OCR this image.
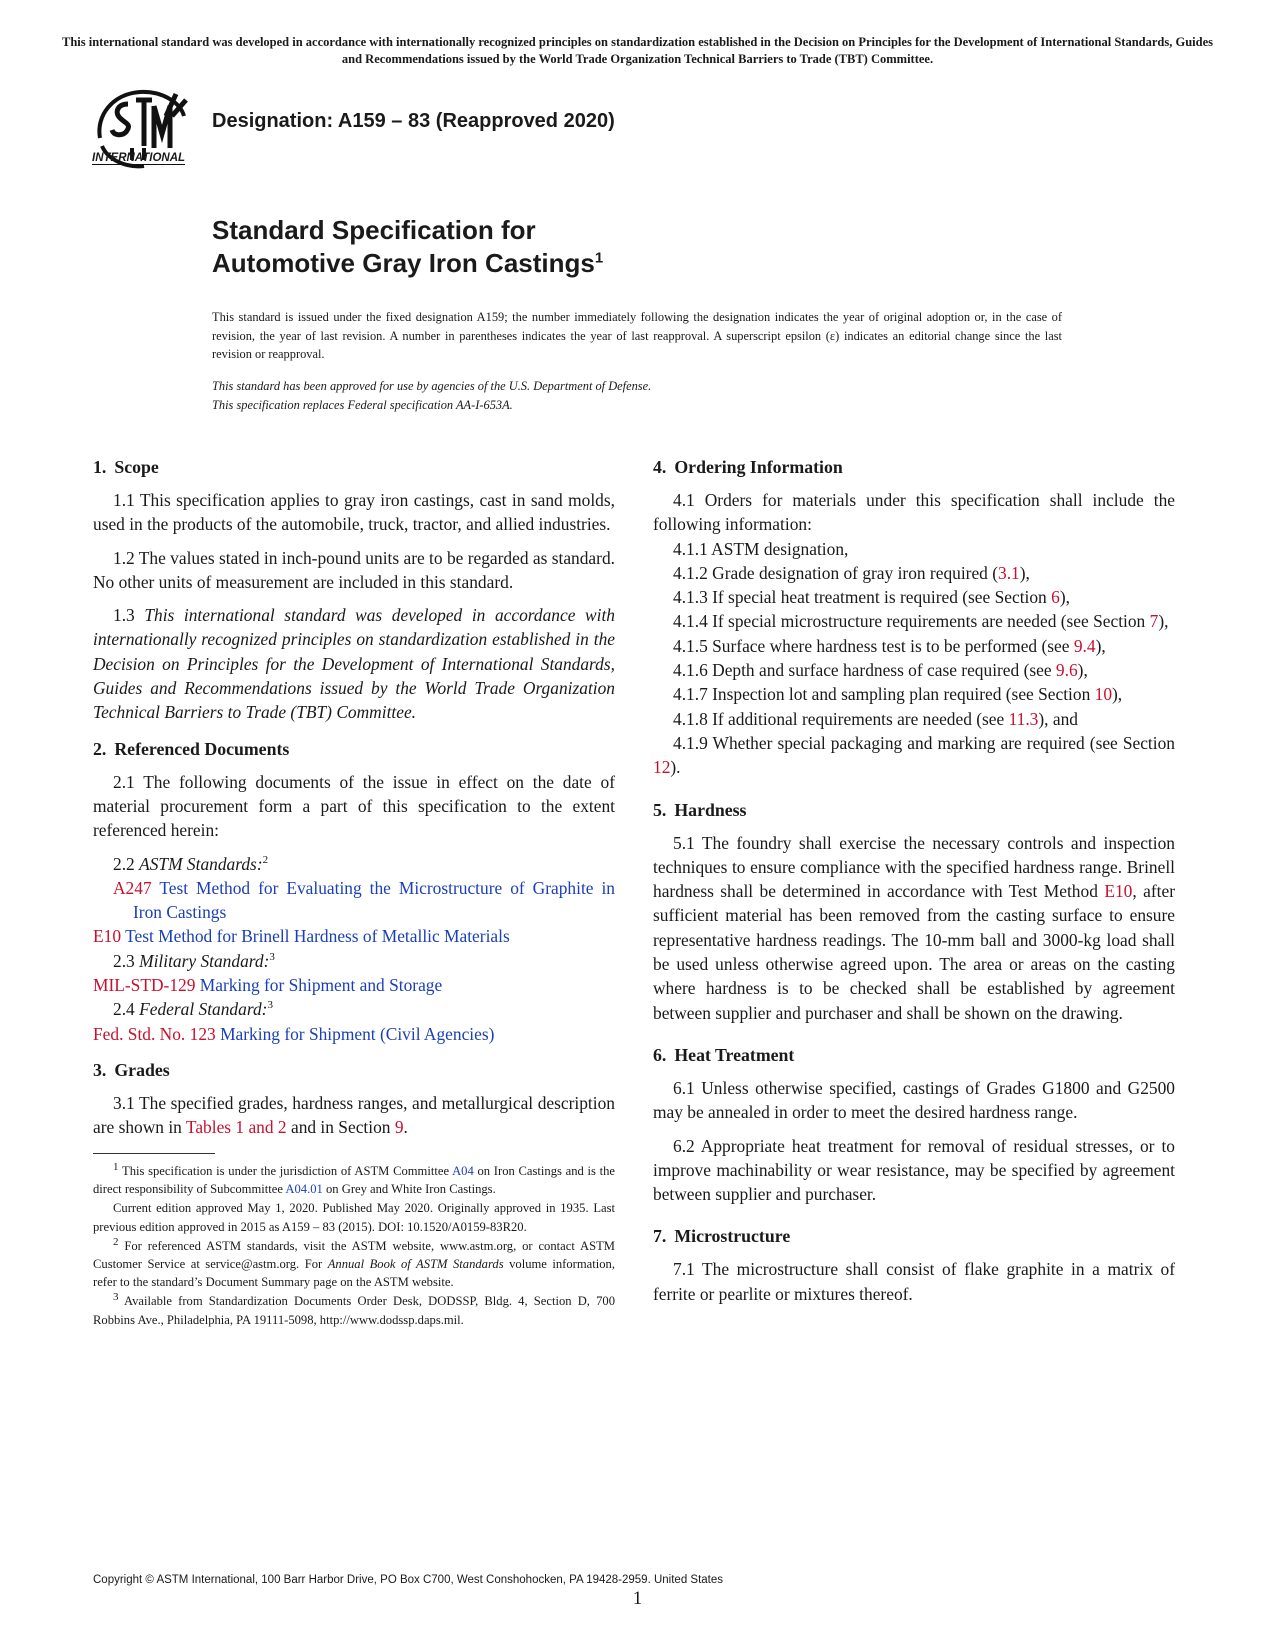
This international standard was developed in accordance with internationally recognized principles on standardization established in the Decision on Principles for the Development of International Standards, Guides and Recommendations issued by the World Trade Organization Technical Barriers to Trade (TBT) Committee.
INTERNATIONAL
Designation: A159 – 83 (Reapproved 2020)
Standard Specification for
Automotive Gray Iron Castings$^1$
This standard is issued under the fixed designation A159; the number immediately following the designation indicates the year of original adoption or, in the case of revision, the year of last revision. A number in parentheses indicates the year of last reapproval. A superscript epsilon (ε) indicates an editorial change since the last revision or reapproval.
This standard has been approved for use by agencies of the U.S. Department of Defense.
This specification replaces Federal specification AA-I-653A.
1. Scope

1.1 This specification applies to gray iron castings, cast in sand molds, used in the products of the automobile, truck, tractor, and allied industries.

1.2 The values stated in inch-pound units are to be regarded as standard. No other units of measurement are included in this standard.

1.3 This international standard was developed in accordance with internationally recognized principles on standardization established in the Decision on Principles for the Development of International Standards, Guides and Recommendations issued by the World Trade Organization Technical Barriers to Trade (TBT) Committee.

2. Referenced Documents

2.1 The following documents of the issue in effect on the date of material procurement form a part of this specification to the extent referenced herein:

2.2 ASTM Standards:$^2$

A247 Test Method for Evaluating the Microstructure of Graphite in Iron Castings
E10 Test Method for Brinell Hardness of Metallic Materials

2.3 Military Standard:$^3$

MIL-STD-129 Marking for Shipment and Storage

2.4 Federal Standard:$^3$

Fed. Std. No. 123 Marking for Shipment (Civil Agencies)
3. Grades

3.1 The specified grades, hardness ranges, and metallurgical description are shown in Tables 1 and 2 and in Section 9.

$^1$ This specification is under the jurisdiction of ASTM Committee A04 on Iron Castings and is the direct responsibility of Subcommittee A04.01 on Grey and White Iron Castings.

Current edition approved May 1, 2020. Published May 2020. Originally approved in 1935. Last previous edition approved in 2015 as A159 – 83 (2015). DOI: 10.1520/A0159-83R20.

$^2$ For referenced ASTM standards, visit the ASTM website, www.astm.org, or contact ASTM Customer Service at service@astm.org. For Annual Book of ASTM Standards volume information, refer to the standard’s Document Summary page on the ASTM website.

$^3$ Available from Standardization Documents Order Desk, DODSSP, Bldg. 4, Section D, 700 Robbins Ave., Philadelphia, PA 19111-5098, http://www.dodssp.daps.mil.

4. Ordering Information

4.1 Orders for materials under this specification shall include the following information:

4.1.1 ASTM designation,

4.1.2 Grade designation of gray iron required (3.1),

4.1.3 If special heat treatment is required (see Section 6),

4.1.4 If special microstructure requirements are needed (see Section 7),

4.1.5 Surface where hardness test is to be performed (see 9.4),

4.1.6 Depth and surface hardness of case required (see 9.6),

4.1.7 Inspection lot and sampling plan required (see Section 10),

4.1.8 If additional requirements are needed (see 11.3), and

4.1.9 Whether special packaging and marking are required (see Section 12).

5. Hardness

5.1 The foundry shall exercise the necessary controls and inspection techniques to ensure compliance with the specified hardness range. Brinell hardness shall be determined in accordance with Test Method E10, after sufficient material has been removed from the casting surface to ensure representative hardness readings. The 10-mm ball and 3000-kg load shall be used unless otherwise agreed upon. The area or areas on the casting where hardness is to be checked shall be established by agreement between supplier and purchaser and shall be shown on the drawing.

6. Heat Treatment

6.1 Unless otherwise specified, castings of Grades G1800 and G2500 may be annealed in order to meet the desired hardness range.

6.2 Appropriate heat treatment for removal of residual stresses, or to improve machinability or wear resistance, may be specified by agreement between supplier and purchaser.

7. Microstructure

7.1 The microstructure shall consist of flake graphite in a matrix of ferrite or pearlite or mixtures thereof.

Copyright © ASTM International, 100 Barr Harbor Drive, PO Box C700, West Conshohocken, PA 19428-2959. United States
1
